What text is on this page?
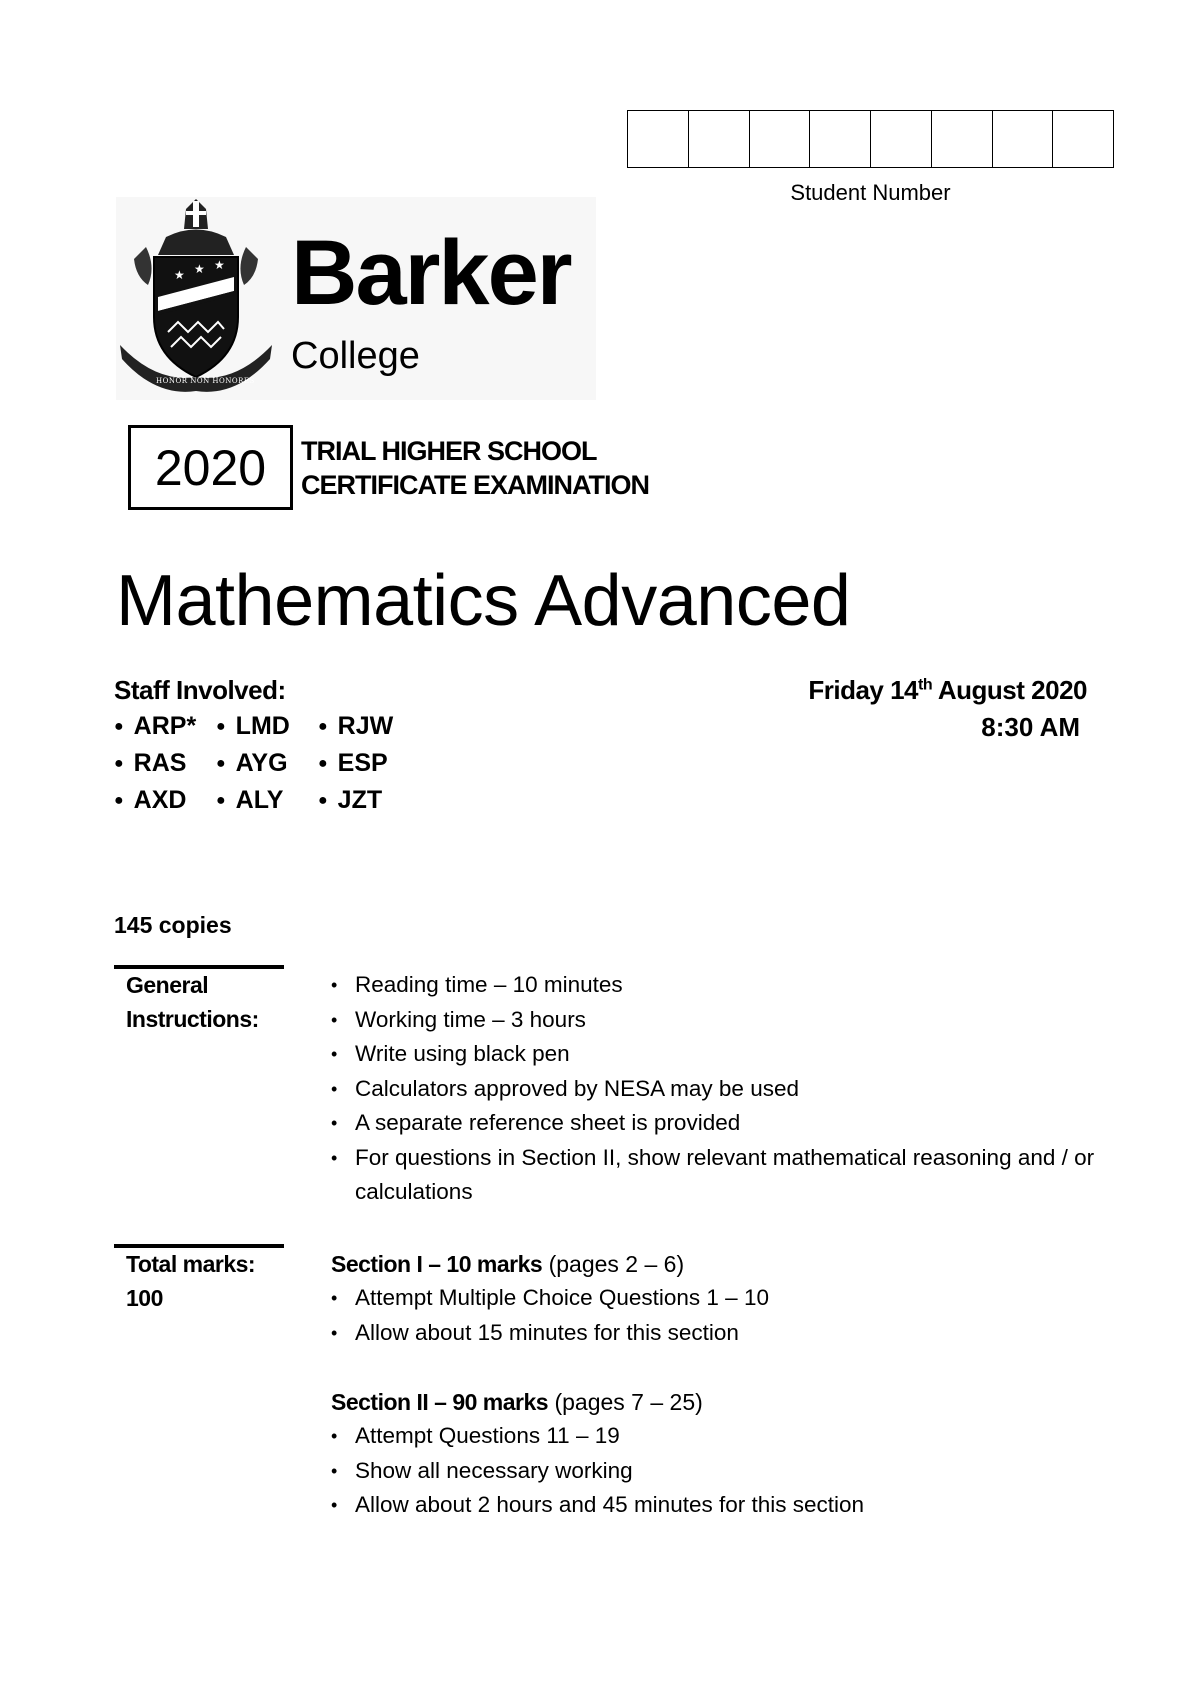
Student Number
★ ★ ★
HONOR NON HONORES
Barker
College
2020	TRIAL HIGHER SCHOOL
CERTIFICATE EXAMINATION
Mathematics Advanced
Staff Involved:
● ARP*	● LMD	● RJW
● RAS	● AYG	● ESP
● AXD	● ALY	● JZT
Friday 14th August 2020
8:30 AM
145 copies
General
Instructions:
• Reading time – 10 minutes
• Working time – 3 hours
• Write using black pen
• Calculators approved by NESA may be used
• A separate reference sheet is provided
• For questions in Section II, show relevant mathematical reasoning and / or calculations
Total marks:
100
Section I – 10 marks (pages 2 – 6)
• Attempt Multiple Choice Questions 1 – 10
• Allow about 15 minutes for this section
Section II – 90 marks (pages 7 – 25)
• Attempt Questions 11 – 19
• Show all necessary working
• Allow about 2 hours and 45 minutes for this section
